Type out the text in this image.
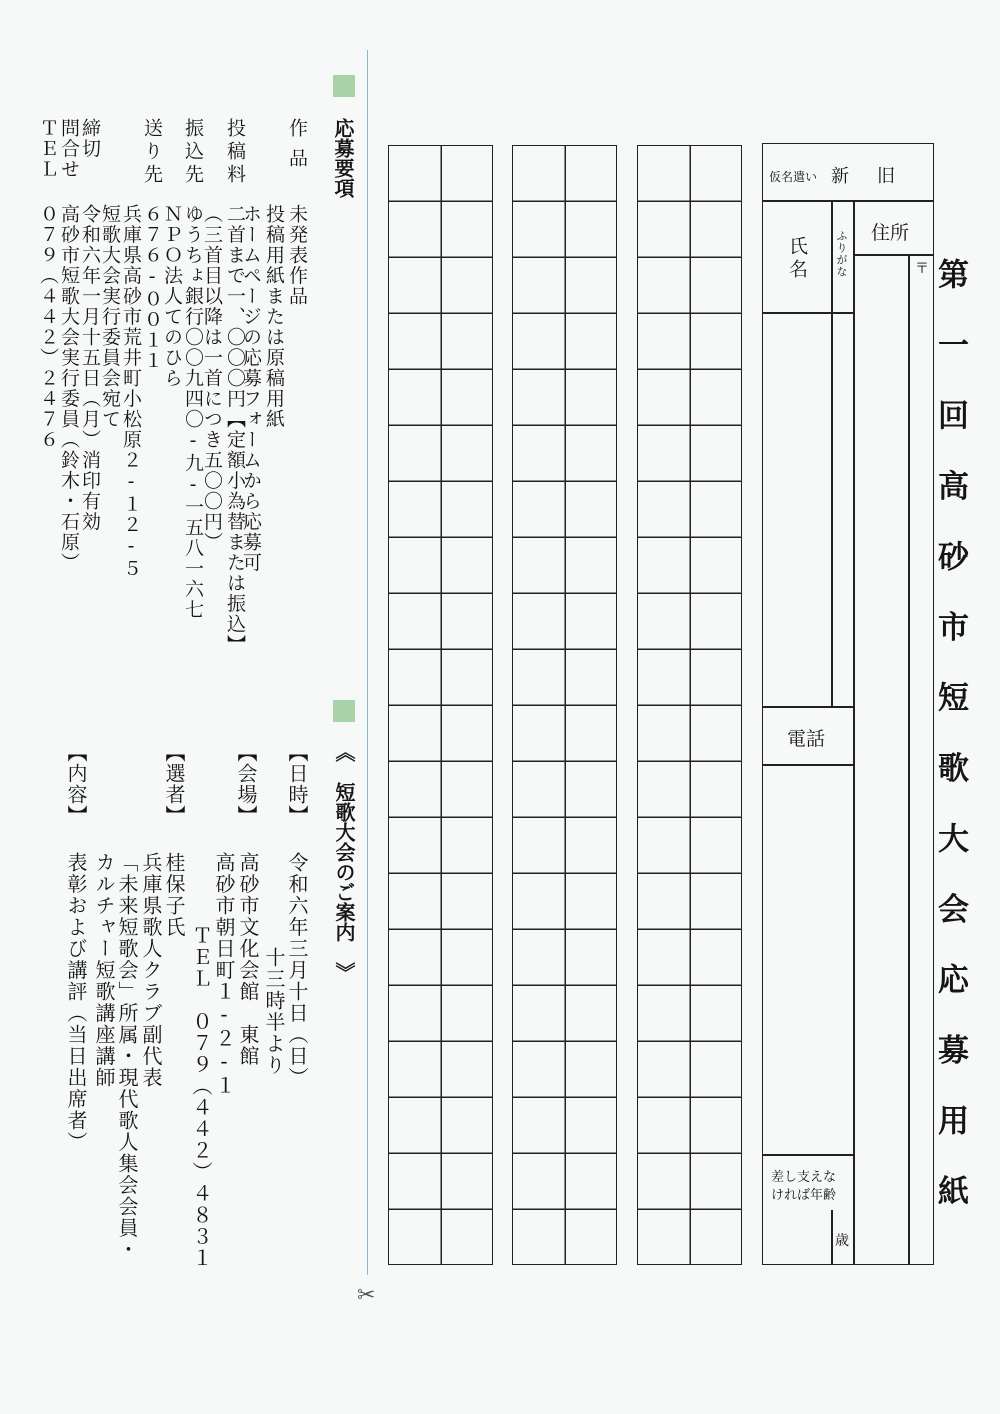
応募要項
作品
未発表作品
投稿用紙または原稿用紙
ホームページの応募フォームから応募可
投稿料
二首まで一、〇〇〇円【定額小為替または振込】
（三首目以降は一首につき五〇〇円）
振込先
ゆうちょ銀行〇〇九四〇‐九‐一五八一六七
ＮＰＯ法人てのひら
送り先
６７６‐００１１
兵庫県高砂市荒井町小松原２‐１２‐５
短歌大会実行委員会宛て
締切
令和六年一月十五日（月）消印有効
問合せ
高砂市短歌大会実行委員（鈴木・石原）
ＴＥＬ
０７９（４４２）２４７６
《　短歌大会のご案内　》
【日時】
令和六年三月十日（日）
十三時半より
【会場】
高砂市文化会館　東館
高砂市朝日町１‐２‐１
ＴＥＬ　０７９（４４２）４８３１
【選者】
桂保子氏
兵庫県歌人クラブ副代表
「未来短歌会」所属・現代歌人集会会員・
カルチャー短歌講座講師
【内容】
表彰および講評（当日出席者）
✂
仮名遣い 新 旧
氏名 ふりがな 住所
〒
電話
差し支えな
ければ年齢
歳	第一回高砂市短歌大会応募用紙
